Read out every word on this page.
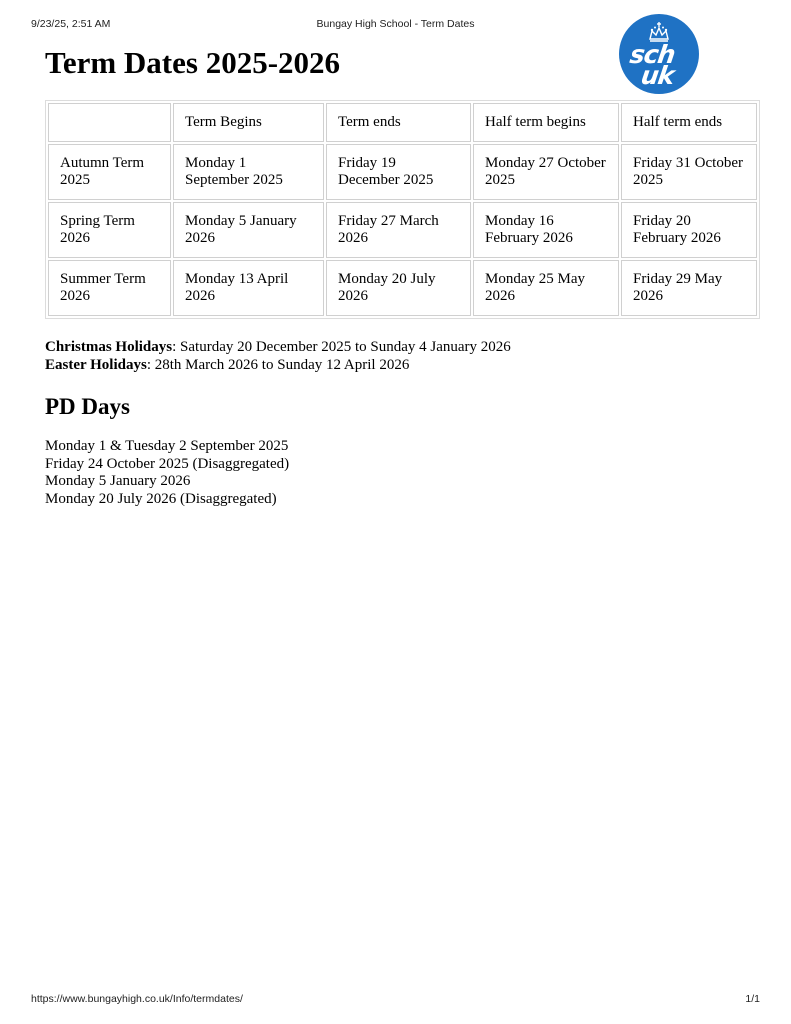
9/23/25, 2:51 AM	Bungay High School - Term Dates
sch
uk
Term Dates 2025-2026
	Term Begins	Term ends	Half term begins	Half term ends
Autumn Term 2025	Monday 1 September 2025	Friday 19 December 2025	Monday 27 October 2025	Friday 31 October 2025
Spring Term 2026	Monday 5 January 2026	Friday 27 March 2026	Monday 16 February 2026	Friday 20 February 2026
Summer Term 2026	Monday 13 April 2026	Monday 20 July 2026	Monday 25 May 2026	Friday 29 May 2026
Christmas Holidays: Saturday 20 December 2025 to Sunday 4 January 2026
Easter Holidays: 28th March 2026 to Sunday 12 April 2026
PD Days
Monday 1 & Tuesday 2 September 2025
Friday 24 October 2025 (Disaggregated)
Monday 5 January 2026
Monday 20 July 2026 (Disaggregated)
https://www.bungayhigh.co.uk/Info/termdates/	1/1
